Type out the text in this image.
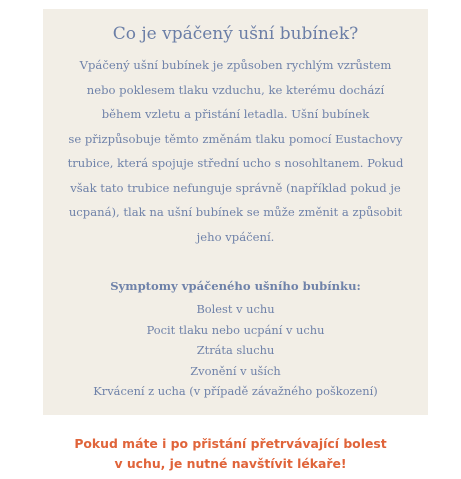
Co je vpáčený ušní bubínek?

Vpáčený ušní bubínek je způsoben rychlým vzrůstem
nebo poklesem tlaku vzduchu, ke kterému dochází
během vzletu a přistání letadla. Ušní bubínek
se přizpůsobuje těmto změnám tlaku pomocí Eustachovy
trubice, která spojuje střední ucho s nosohltanem. Pokud
však tato trubice nefunguje správně (například pokud je
ucpaná), tlak na ušní bubínek se může změnit a způsobit
jeho vpáčení.

Symptomy vpáčeného ušního bubínku:
Bolest v uchu
Pocit tlaku nebo ucpání v uchu
Ztráta sluchu
Zvonění v uších
Krvácení z ucha (v případě závažného poškození)
Pokud máte i po přistání přetrvávající bolest
v uchu, je nutné navštívit lékaře!
